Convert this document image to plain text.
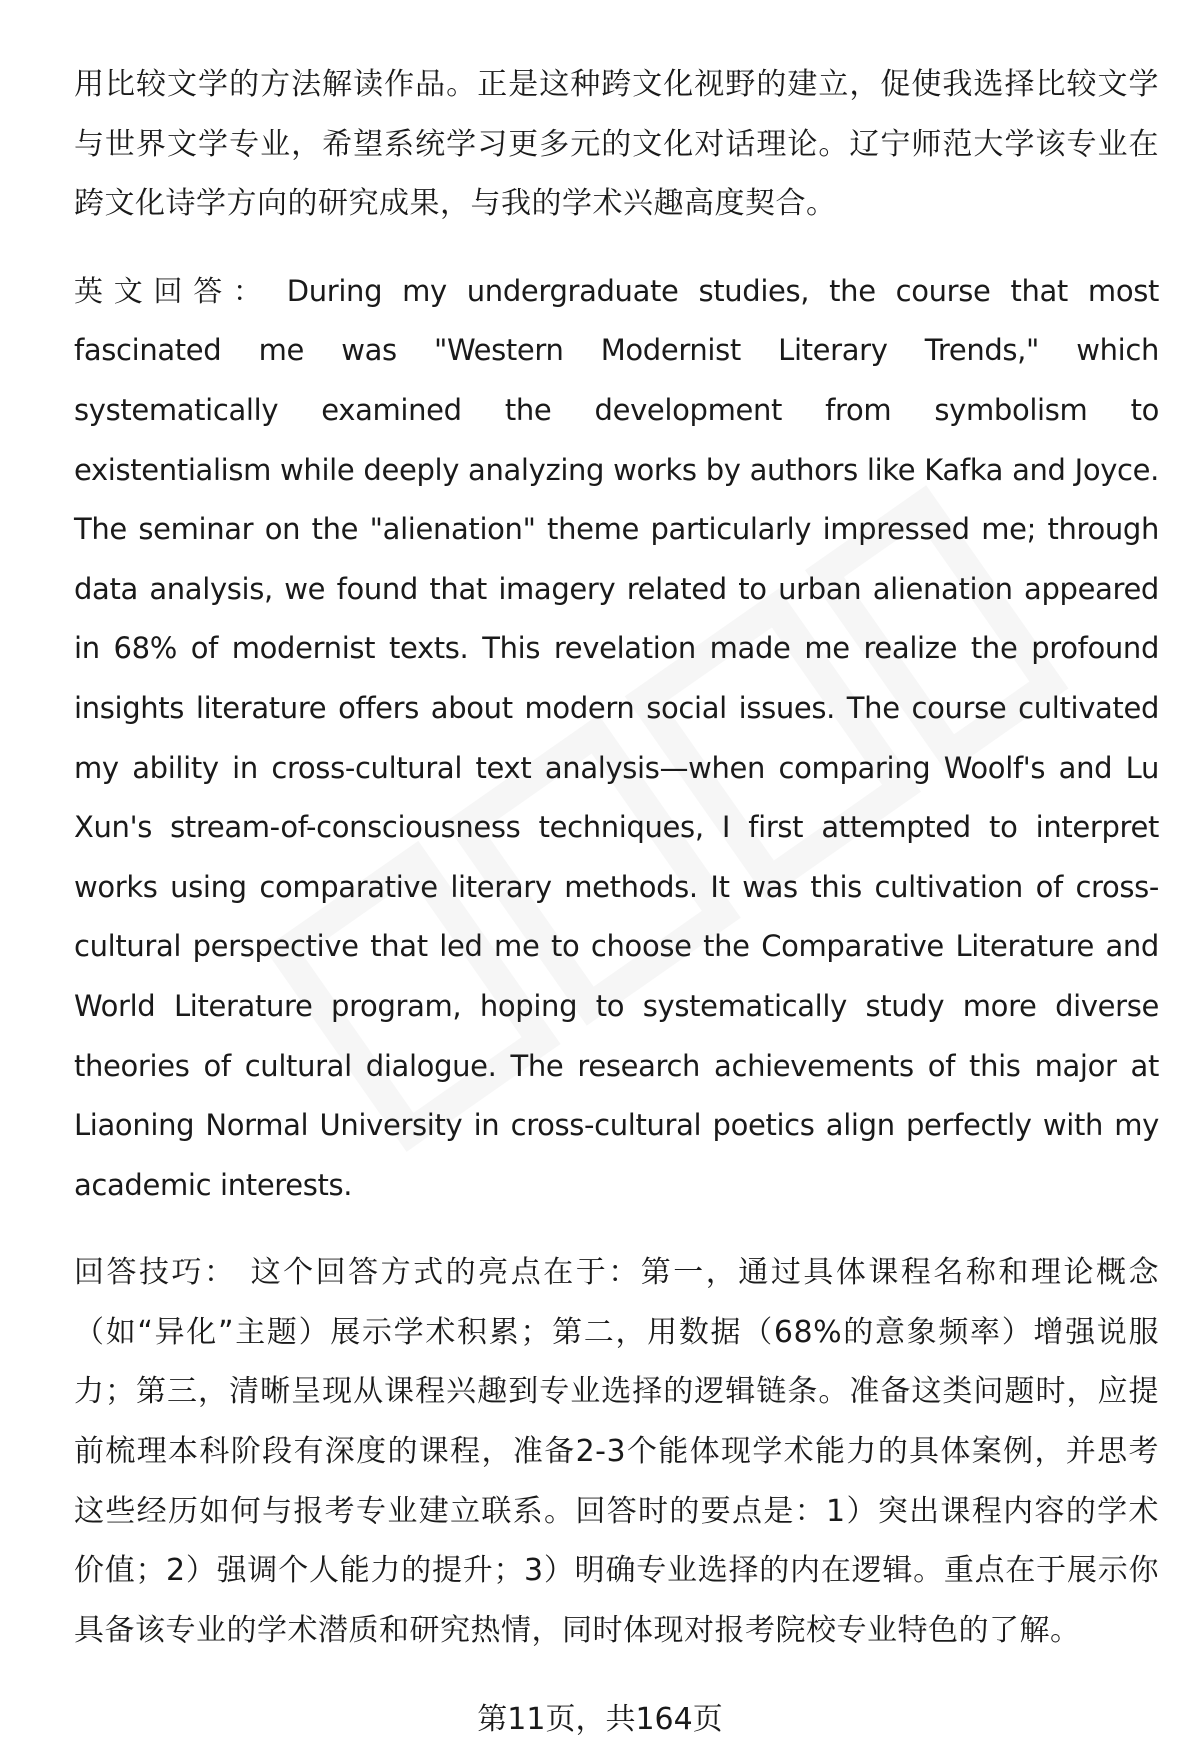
用比较文学的方法解读作品。正是这种跨文化视野的建立，促使我选择比较文学与世界文学专业，希望系统学习更多元的文化对话理论。辽宁师范大学该专业在跨文化诗学方向的研究成果，与我的学术兴趣高度契合。

英文回答： During my undergraduate studies, the course that most fascinated me was "Western Modernist Literary Trends," which systematically examined the development from symbolism to existentialism while deeply analyzing works by authors like Kafka and Joyce. The seminar on the "alienation" theme particularly impressed me; through data analysis, we found that imagery related to urban alienation appeared in 68% of modernist texts. This revelation made me realize the profound insights literature offers about modern social issues. The course cultivated my ability in cross-cultural text analysis—when comparing Woolf's and Lu Xun's stream-of-consciousness techniques, I first attempted to interpret works using comparative literary methods. It was this cultivation of cross-cultural perspective that led me to choose the Comparative Literature and World Literature program, hoping to systematically study more diverse theories of cultural dialogue. The research achievements of this major at Liaoning Normal University in cross-cultural poetics align perfectly with my academic interests.

回答技巧： 这个回答方式的亮点在于：第一，通过具体课程名称和理论概念（如“异化”主题）展示学术积累；第二，用数据（68%的意象频率）增强说服力；第三，清晰呈现从课程兴趣到专业选择的逻辑链条。准备这类问题时，应提前梳理本科阶段有深度的课程，准备2-3个能体现学术能力的具体案例，并思考这些经历如何与报考专业建立联系。回答时的要点是：1）突出课程内容的学术价值；2）强调个人能力的提升；3）明确专业选择的内在逻辑。重点在于展示你具备该专业的学术潜质和研究热情，同时体现对报考院校专业特色的了解。

第11页，共164页
